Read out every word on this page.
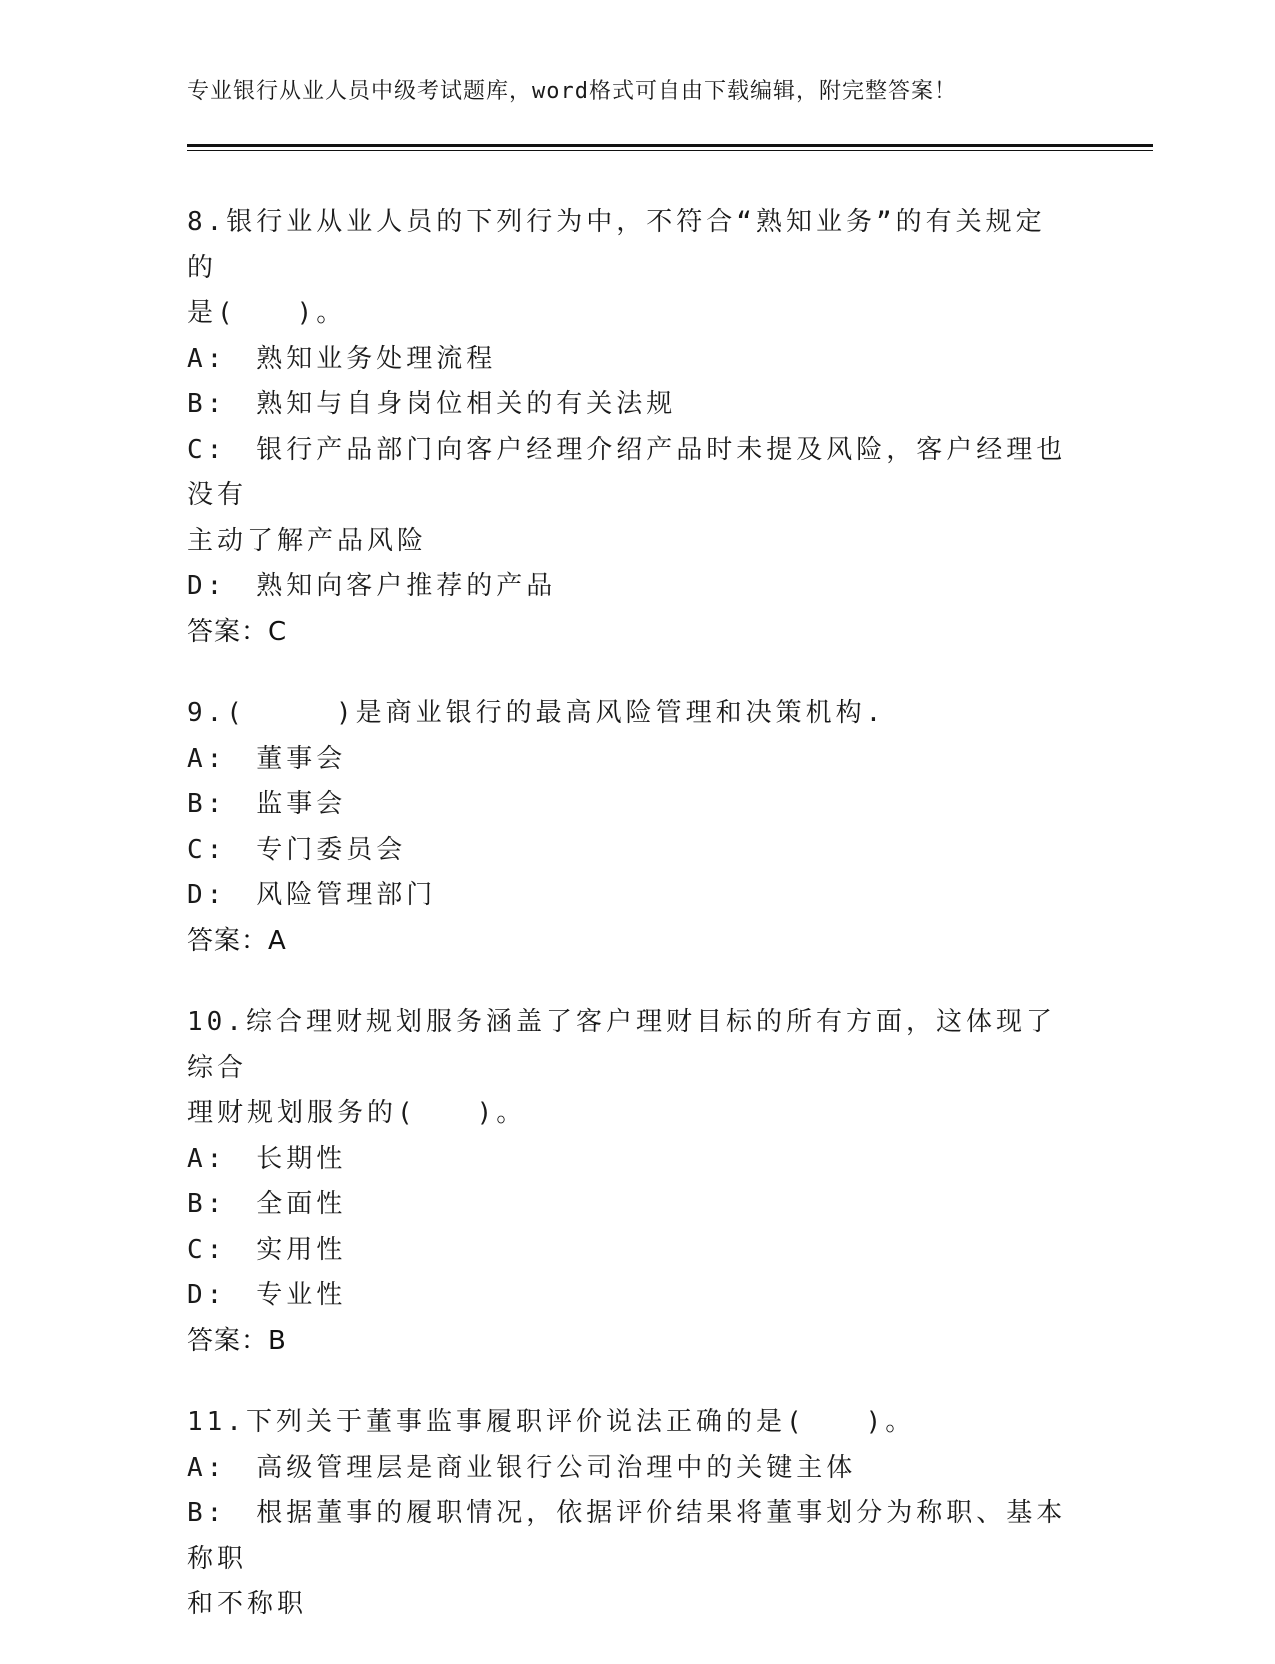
专业银行从业人员中级考试题库，word格式可自由下载编辑，附完整答案！
8.银行业从业人员的下列行为中，不符合“熟知业务”的有关规定的
是(　　)。
A:　熟知业务处理流程
B:　熟知与自身岗位相关的有关法规
C:　银行产品部门向客户经理介绍产品时未提及风险，客户经理也没有
主动了解产品风险
D:　熟知向客户推荐的产品
答案：C
9.(　　　)是商业银行的最高风险管理和决策机构.
A:　董事会
B:　监事会
C:　专门委员会
D:　风险管理部门
答案：A
10.综合理财规划服务涵盖了客户理财目标的所有方面，这体现了综合
理财规划服务的(　　)。
A:　长期性
B:　全面性
C:　实用性
D:　专业性
答案：B
11.下列关于董事监事履职评价说法正确的是(　　)。
A:　高级管理层是商业银行公司治理中的关键主体
B:　根据董事的履职情况，依据评价结果将董事划分为称职、基本称职
和不称职
